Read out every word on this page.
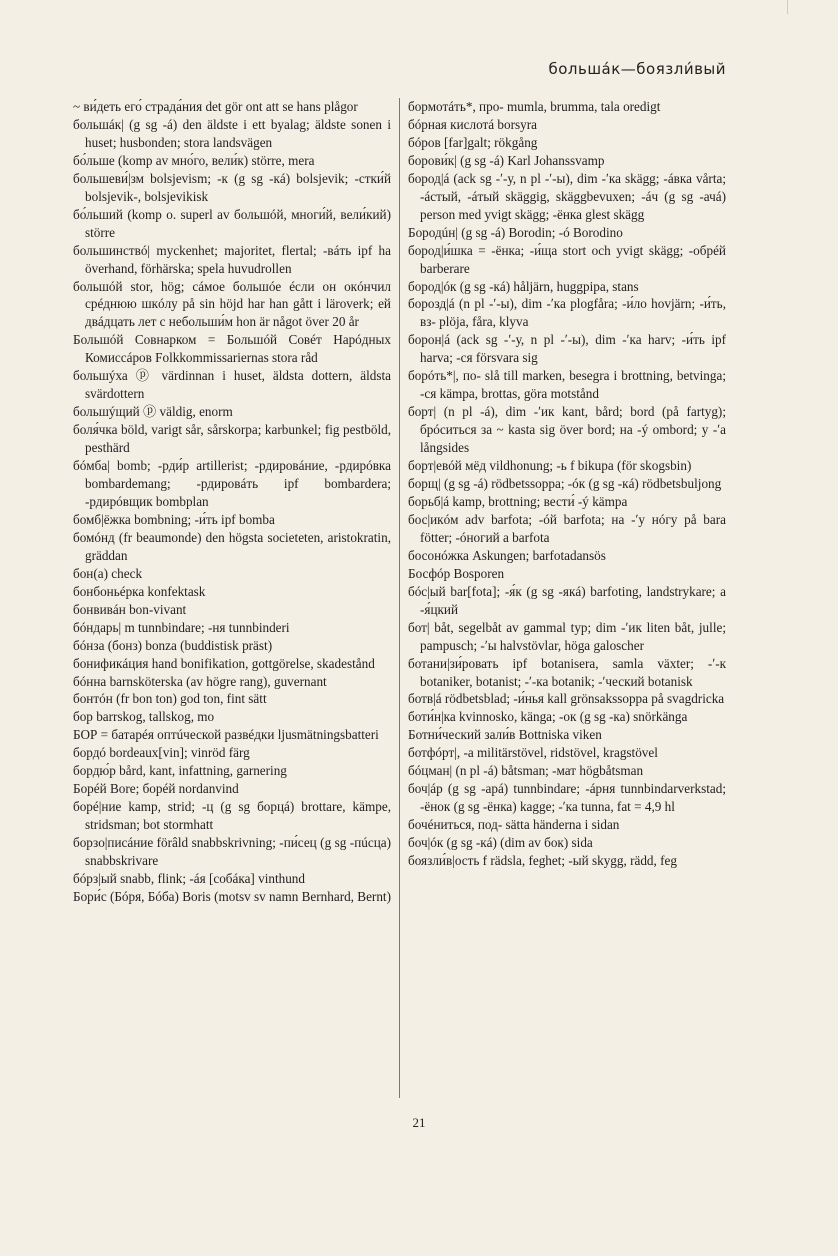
большáк—боязли́вый

~ ви́деть его́ страда́ния det gör ont att se hans plågor

большáк| (g sg -á) den äldste i ett byalag; äldste sonen i huset; husbonden; stora landsvägen

бо́льше (komp av мно́го, вели́к) större, mera

большеви́|зм bolsjevism; -к (g sg -кá) bolsjevik; -стки́й bolsjevik-, bolsjevikisk

бо́льший (komp o. superl av большóй, многи́й, вели́кий) större

большинствó| myckenhet; majoritet, flertal; -вáть ipf ha överhand, förhärska; spela huvudrollen

большóй stor, hög; сáмое большóе éсли он окóнчил срéднюю шкóлу på sin höjd har han gått i läroverk; ей двáдцать лет с небольши́м hon är något över 20 år

Большóй Совнарком = Большóй Совéт Нарóдных Комиссáров Folkkommissariernas stora råd

большýха ⓟ värdinnan i huset, äldsta dottern, äldsta svärdottern

большýщий ⓟ väldig, enorm

боля́чка böld, varigt sår, sårskorpa; karbunkel; fig pestböld, pesthärd

бóмба| bomb; -рди́р artillerist; -рдировáние, -рдирóвка bombardemang; -рдировáть ipf bombardera; -рдирóвщик bombplan

бомб|ёжка bombning; -и́ть ipf bomba

бомóнд (fr beaumonde) den högsta societeten, aristokratin, gräddan

бон(а) check

бонбоньéрка konfektask

бонвивáн bon-vivant

бóндарь| m tunnbindare; -ня tunnbinderi

бóнза (бонз) bonza (buddistisk präst)

бонификáция hand bonifikation, gottgörelse, skadestånd

бóнна barnsköterska (av högre rang), guvernant

бонтóн (fr bon ton) god ton, fint sätt

бор barrskog, tallskog, mo

БОР = батарéя оптúческой развéдки ljusmätningsbatteri

бордó bordeaux[vin]; vinröd färg

бордю́р bård, kant, infattning, garnering

Борéй Bore; борéй nordanvind

борé|ние kamp, strid; -ц (g sg борцá) brottare, kämpe, stridsman; bot stormhatt

борзо|писáние förâld snabbskrivning; -пи́сец (g sg -пúсца) snabbskrivare

бóрз|ый snabb, flink; -áя [собáка] vinthund

Бори́с (Бóря, Бóба) Boris (motsv sv namn Bernhard, Bernt)

бормотáть*, про- mumla, brumma, tala oredigt

бóрная кислотá borsyra

бóров [far]galt; rökgång

борови́к| (g sg -á) Karl Johanssvamp

бород|á (ack sg -ʹ-у, n pl -ʹ-ы), dim -ʹка skägg; -áвка vårta; -áстый, -áтый skäggig, skäggbevuxen; -áч (g sg -ачá) person med yvigt skägg; -ёнка glest skägg

Бородúн| (g sg -á) Borodin; -ó Borodino

бород|и́шка = -ёнка; -и́ща stort och yvigt skägg; -обрéй barberare

бород|óк (g sg -кá) håljärn, huggpipa, stans

борозд|á (n pl -ʹ-ы), dim -ʹка plogfåra; -и́ло hovjärn; -и́ть, вз- plöja, fåra, klyva

борон|á (ack sg -ʹ-у, n pl -ʹ-ы), dim -ʹка harv; -и́ть ipf harva; -ся försvara sig

борóть*|, по- slå till marken, besegra i brottning, betvinga; -ся kämpa, brottas, göra motstånd

борт| (n pl -á), dim -ʹик kant, bård; bord (på fartyg); брóситься за ~ kasta sig över bord; на -ý ombord; у -ʹа långsides

борт|евóй мёд vildhonung; -ь f bikupa (för skogsbin)

борщ| (g sg -á) rödbetssoppa; -óк (g sg -кá) rödbetsbuljong

борьб|á kamp, brottning; вести́ -ý kämpa

бос|икóм adv barfota; -óй barfota; на -ʹу нóгу på bara fötter; -óногий a barfota

босонóжка Askungen; barfotadansös

Босфóр Bosporen

бóс|ый bar[fota]; -я́к (g sg -якá) barfoting, landstrykare; a -я́цкий

бот| båt, segelbåt av gammal typ; dim -ʹик liten båt, julle; pampusch; -ʹы halvstövlar, höga galoscher

ботани|зи́ровать ipf botanisera, samla växter; -ʹ-к botaniker, botanist; -ʹ-ка botanik; -ʹческий botanisk

ботв|á rödbetsblad; -и́нья kall grönsakssoppa på svagdricka

боти́н|ка kvinnosko, känga; -ок (g sg -ка) snörkänga

Ботни́ческий зали́в Bottniska viken

ботфóрт|, -а militärstövel, ridstövel, kragstövel

бóцман| (n pl -á) båtsman; -мат högbåtsman

боч|áр (g sg -арá) tunnbindare; -áрня tunnbindarverkstad; -ёнок (g sg -ёнка) kagge; -ʹка tunna, fat = 4,9 hl

бочéниться, под- sätta händerna i sidan

боч|óк (g sg -кá) (dim av бок) sida

боязли́в|ость f rädsla, feghet; -ый skygg, rädd, feg

21
